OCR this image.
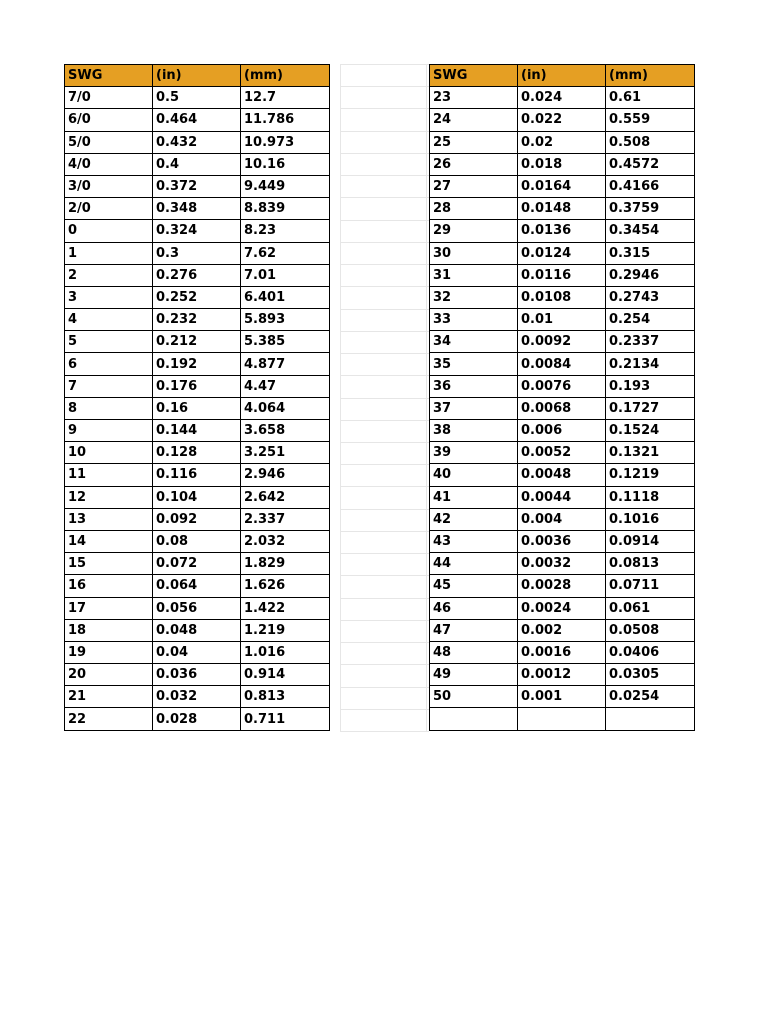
SWG	(in)	(mm)
7/0	0.5	12.7
6/0	0.464	11.786
5/0	0.432	10.973
4/0	0.4	10.16
3/0	0.372	9.449
2/0	0.348	8.839
0	0.324	8.23
1	0.3	7.62
2	0.276	7.01
3	0.252	6.401
4	0.232	5.893
5	0.212	5.385
6	0.192	4.877
7	0.176	4.47
8	0.16	4.064
9	0.144	3.658
10	0.128	3.251
11	0.116	2.946
12	0.104	2.642
13	0.092	2.337
14	0.08	2.032
15	0.072	1.829
16	0.064	1.626
17	0.056	1.422
18	0.048	1.219
19	0.04	1.016
20	0.036	0.914
21	0.032	0.813
22	0.028	0.711
SWG	(in)	(mm)
23	0.024	0.61
24	0.022	0.559
25	0.02	0.508
26	0.018	0.4572
27	0.0164	0.4166
28	0.0148	0.3759
29	0.0136	0.3454
30	0.0124	0.315
31	0.0116	0.2946
32	0.0108	0.2743
33	0.01	0.254
34	0.0092	0.2337
35	0.0084	0.2134
36	0.0076	0.193
37	0.0068	0.1727
38	0.006	0.1524
39	0.0052	0.1321
40	0.0048	0.1219
41	0.0044	0.1118
42	0.004	0.1016
43	0.0036	0.0914
44	0.0032	0.0813
45	0.0028	0.0711
46	0.0024	0.061
47	0.002	0.0508
48	0.0016	0.0406
49	0.0012	0.0305
50	0.001	0.0254
